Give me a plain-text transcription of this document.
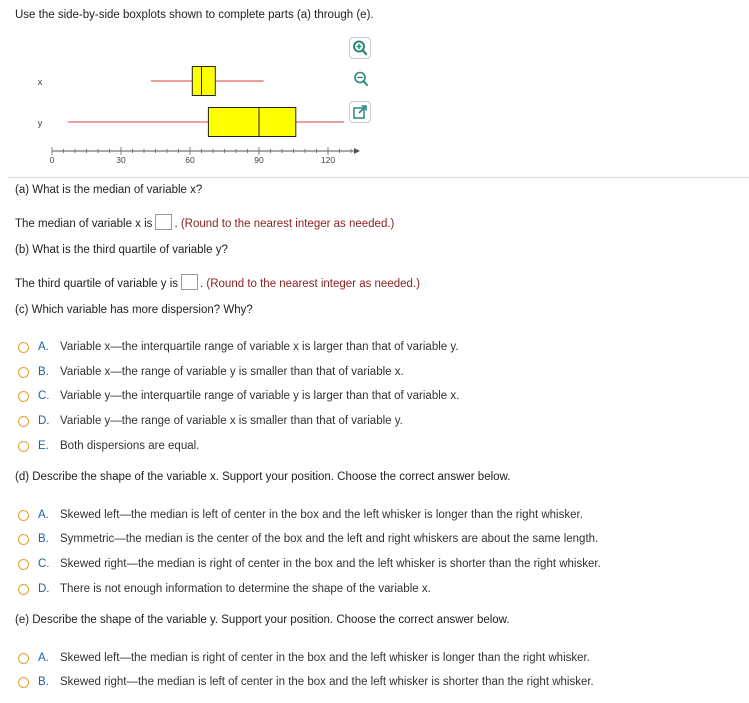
Use the side-by-side boxplots shown to complete parts (a) through (e).
x
y
0	30	60	90	120
(a) What is the median of variable x?
The median of variable x is . (Round to the nearest integer as needed.)
(b) What is the third quartile of variable y?
The third quartile of variable y is . (Round to the nearest integer as needed.)
(c) Which variable has more dispersion? Why?
A. Variable x—the interquartile range of variable x is larger than that of variable y.
B. Variable x—the range of variable y is smaller than that of variable x.
C. Variable y—the interquartile range of variable y is larger than that of variable x.
D. Variable y—the range of variable x is smaller than that of variable y.
E. Both dispersions are equal.
(d) Describe the shape of the variable x. Support your position. Choose the correct answer below.
A. Skewed left—the median is left of center in the box and the left whisker is longer than the right whisker.
B. Symmetric—the median is the center of the box and the left and right whiskers are about the same length.
C. Skewed right—the median is right of center in the box and the left whisker is shorter than the right whisker.
D. There is not enough information to determine the shape of the variable x.
(e) Describe the shape of the variable y. Support your position. Choose the correct answer below.
A. Skewed left—the median is right of center in the box and the left whisker is longer than the right whisker.
B. Skewed right—the median is left of center in the box and the left whisker is shorter than the right whisker.
